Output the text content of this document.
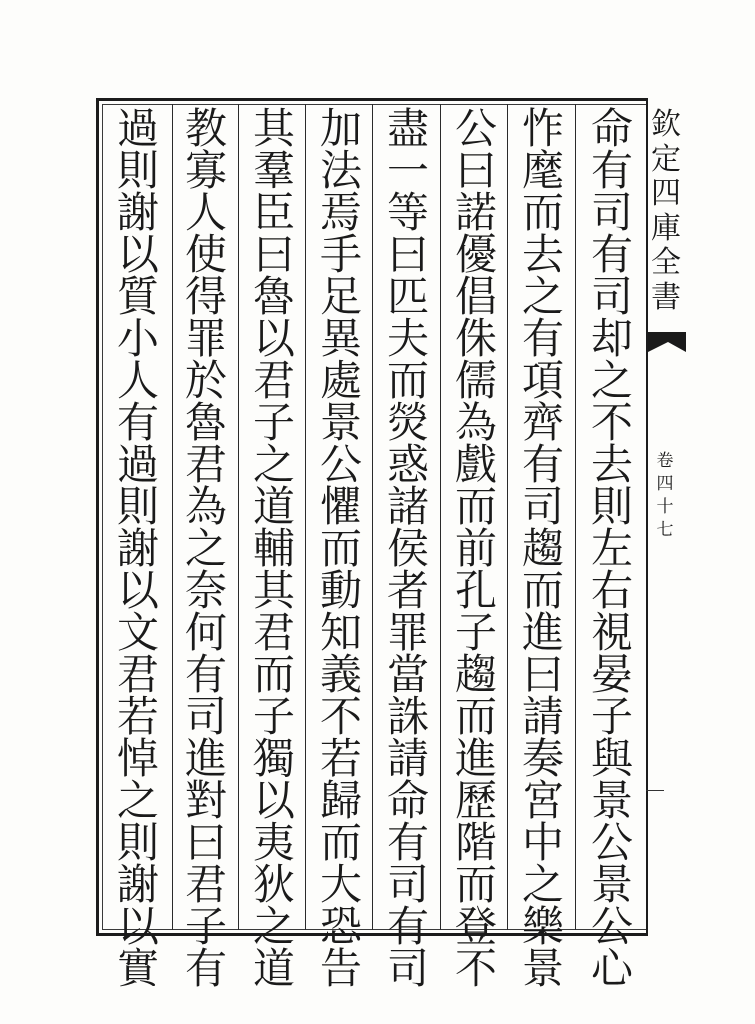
命
有
司
有
司
却
之
不
去
則
左
右
視
晏
子
與
景
公
景
公
心
怍
麾
而
去
之
有
項
齊
有
司
趨
而
進
曰
請
奏
宮
中
之
樂
景
公
曰
諾
優
倡
侏
儒
為
戲
而
前
孔
子
趨
而
進
歷
階
而
登
不
盡
一
等
曰
匹
夫
而
熒
惑
諸
侯
者
罪
當
誅
請
命
有
司
有
司
加
法
焉
手
足
異
處
景
公
懼
而
動
知
義
不
若
歸
而
大
恐
告
其
羣
臣
曰
魯
以
君
子
之
道
輔
其
君
而
子
獨
以
夷
狄
之
道
教
寡
人
使
得
罪
於
魯
君
為
之
奈
何
有
司
進
對
曰
君
子
有
過
則
謝
以
質
小
人
有
過
則
謝
以
文
君
若
悼
之
則
謝
以
實
欽
定
四
庫
全
書
卷
四
十
七
